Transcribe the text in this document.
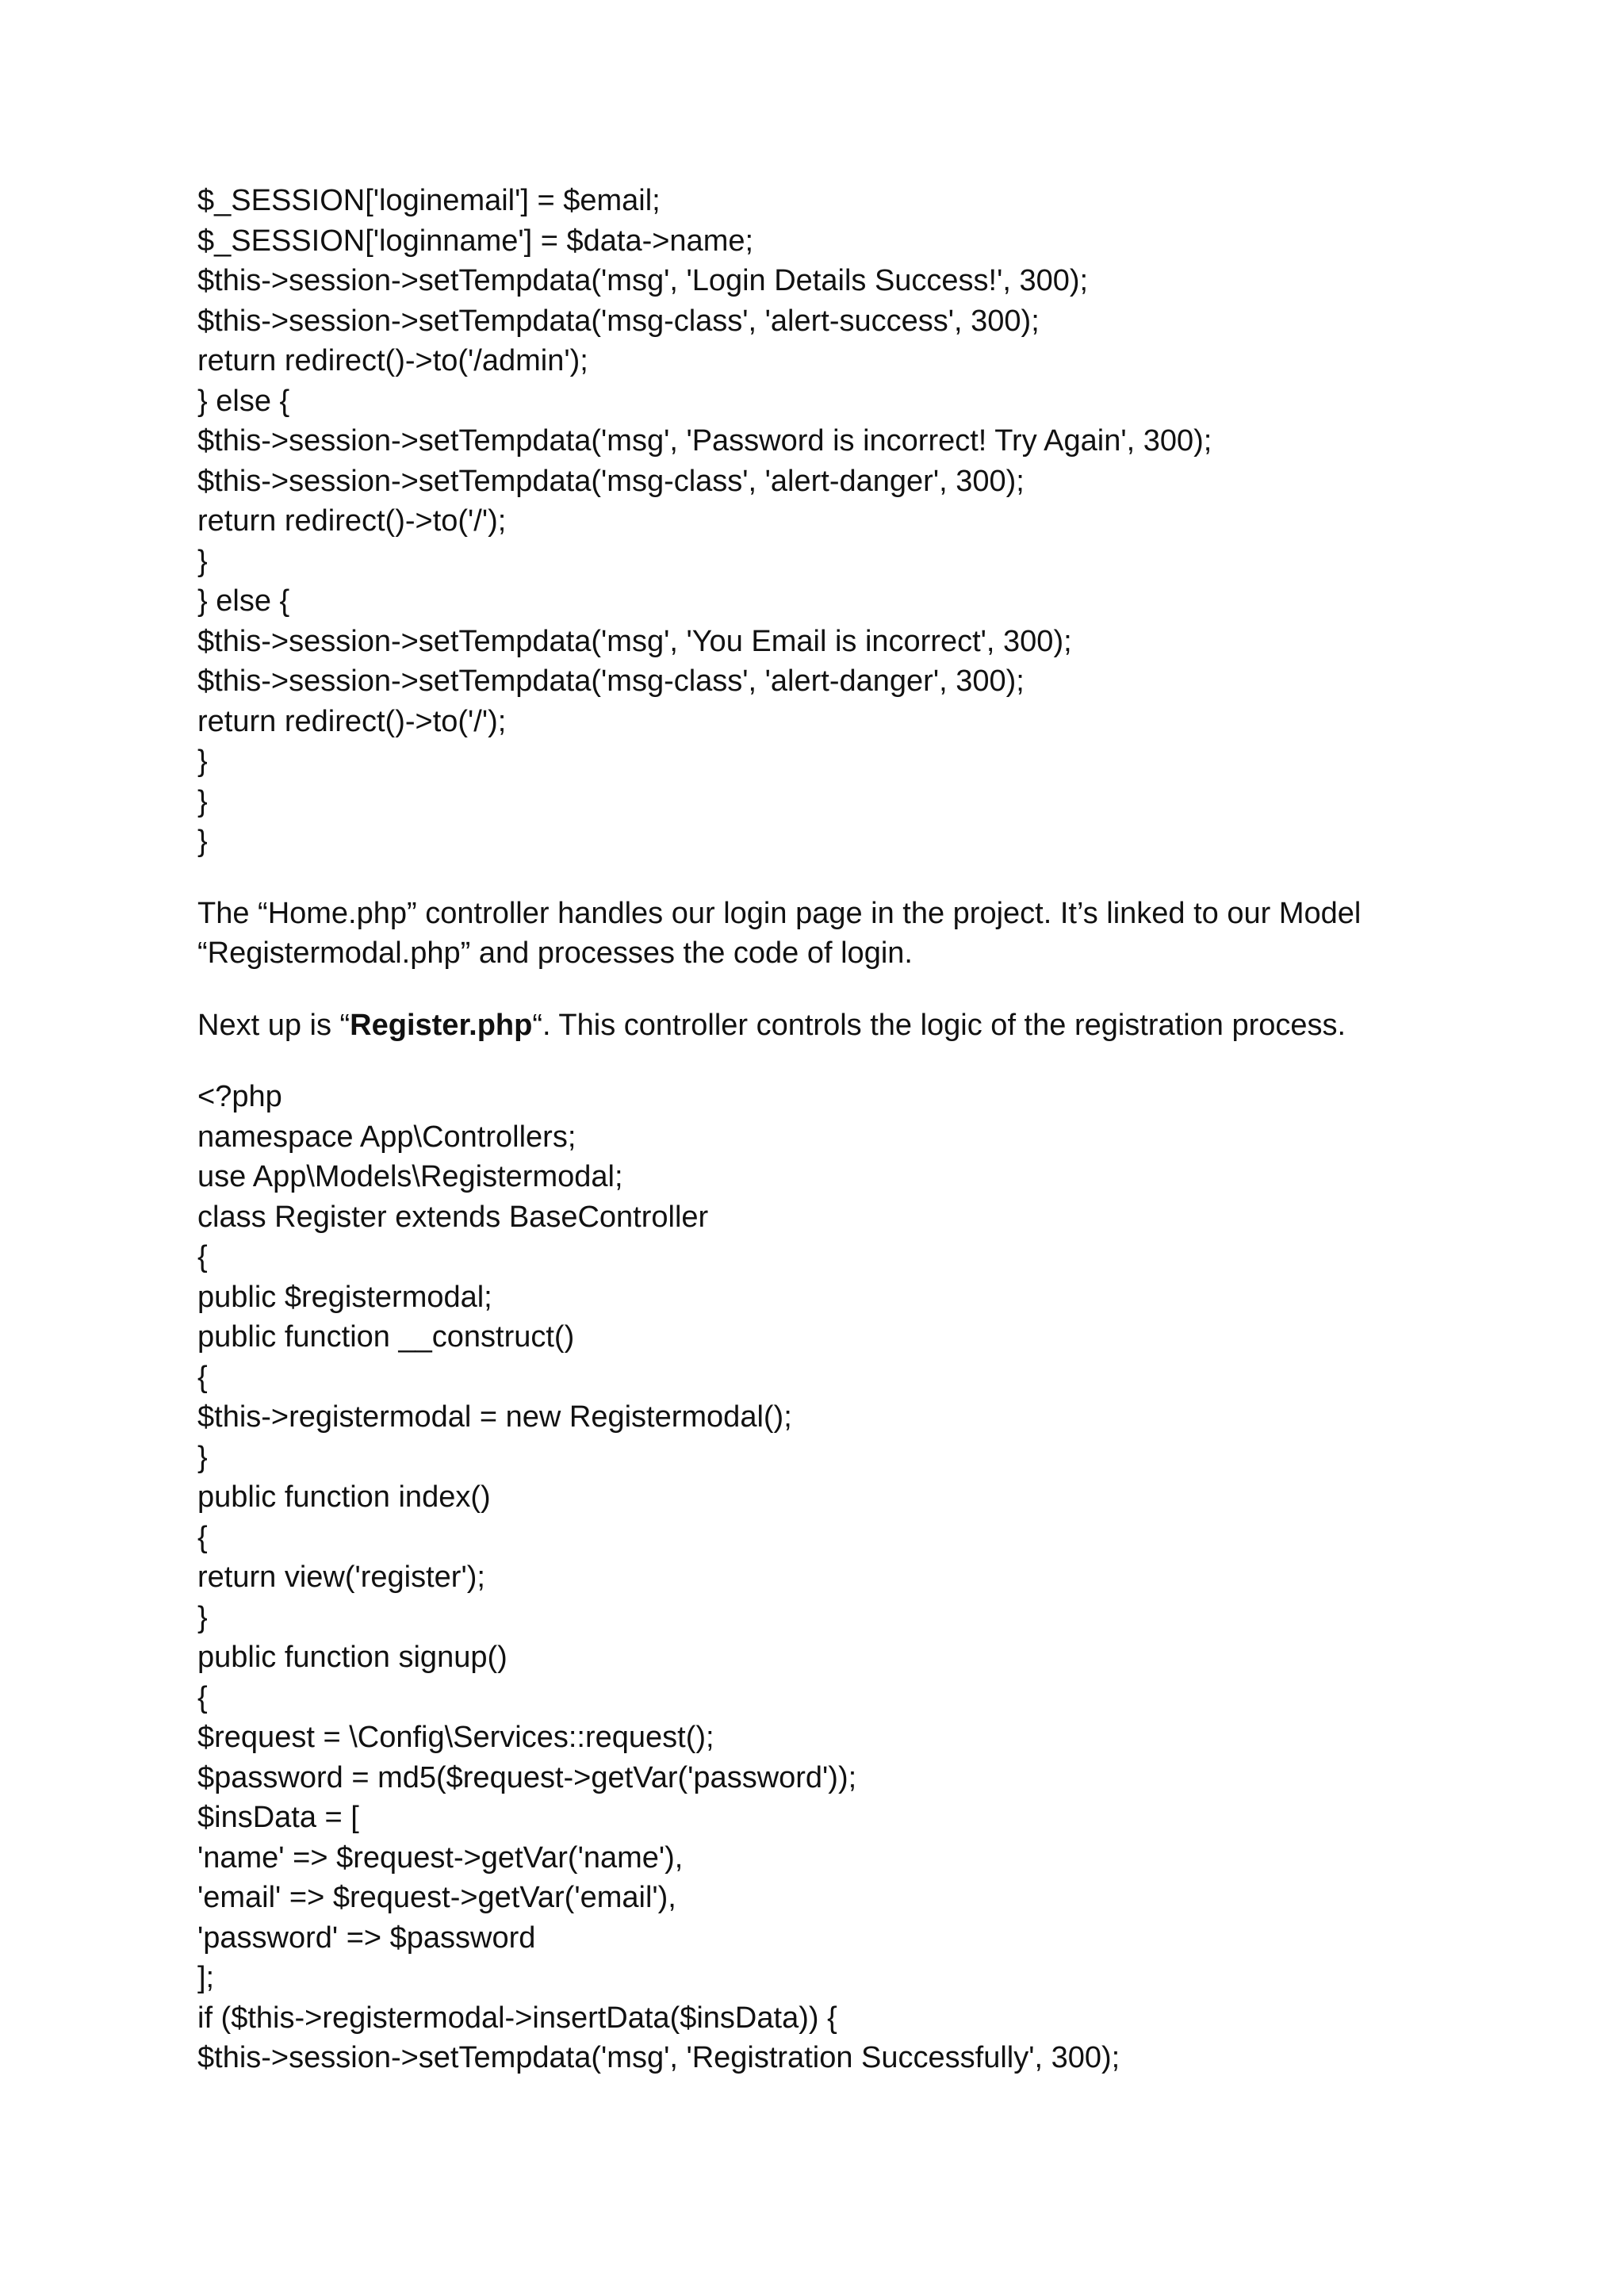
$_SESSION['loginemail'] = $email;
$_SESSION['loginname'] = $data->name;
$this->session->setTempdata('msg', 'Login Details Success!', 300);
$this->session->setTempdata('msg-class', 'alert-success', 300);
return redirect()->to('/admin');
} else {
$this->session->setTempdata('msg', 'Password is incorrect! Try Again', 300);
$this->session->setTempdata('msg-class', 'alert-danger', 300);
return redirect()->to('/');
}
} else {
$this->session->setTempdata('msg', 'You Email is incorrect', 300);
$this->session->setTempdata('msg-class', 'alert-danger', 300);
return redirect()->to('/');
}
}
}
The “Home.php” controller handles our login page in the project. It’s linked to our Model
“Registermodal.php” and processes the code of login.
Next up is “Register.php“. This controller controls the logic of the registration process.
<?php
namespace App\Controllers;
use App\Models\Registermodal;
class Register extends BaseController
{
public $registermodal;
public function __construct()
{
$this->registermodal = new Registermodal();
}
public function index()
{
return view('register');
}
public function signup()
{
$request = \Config\Services::request();
$password = md5($request->getVar('password'));
$insData = [
'name' => $request->getVar('name'),
'email' => $request->getVar('email'),
'password' => $password
];
if ($this->registermodal->insertData($insData)) {
$this->session->setTempdata('msg', 'Registration Successfully', 300);
